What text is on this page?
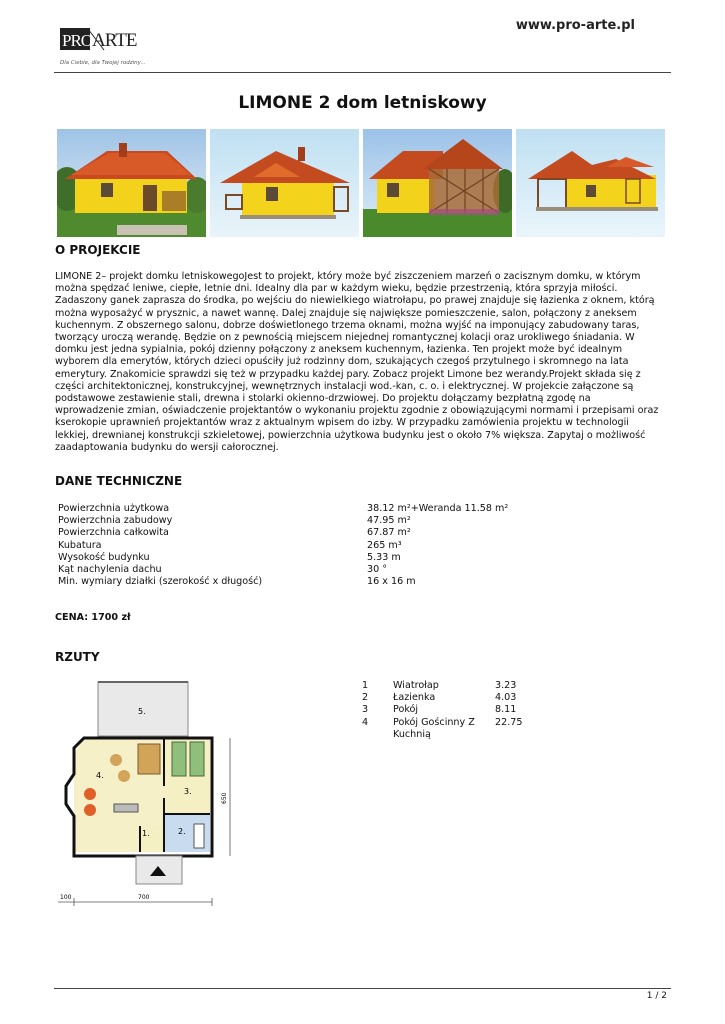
PRO ARTE
Dla Ciebie, dla Twojej rodziny...
www.pro-arte.pl
LIMONE 2 dom letniskowy
O PROJEKCIE
LIMONE 2– projekt domku letniskowegoJest to projekt, który może być ziszczeniem marzeń o zacisznym domku, w którym
można spędzać leniwe, ciepłe, letnie dni. Idealny dla par w każdym wieku, będzie przestrzenią, która sprzyja miłości.
Zadaszony ganek zaprasza do środka, po wejściu do niewielkiego wiatrołapu, po prawej znajduje się łazienka z oknem, którą
można wyposażyć w prysznic, a nawet wannę. Dalej znajduje się największe pomieszczenie, salon, połączony z aneksem
kuchennym. Z obszernego salonu, dobrze doświetlonego trzema oknami, można wyjść na imponujący zabudowany taras,
tworzący uroczą werandę. Będzie on z pewnością miejscem niejednej romantycznej kolacji oraz urokliwego śniadania. W
domku jest jedna sypialnia, pokój dzienny połączony z aneksem kuchennym, łazienka. Ten projekt może być idealnym
wyborem dla emerytów, których dzieci opuściły już rodzinny dom, szukających czegoś przytulnego i skromnego na lata
emerytury. Znakomicie sprawdzi się też w przypadku każdej pary. Zobacz projekt Limone bez werandy.Projekt składa się z
części architektonicznej, konstrukcyjnej, wewnętrznych instalacji wod.-kan, c. o. i elektrycznej. W projekcie załączone są
podstawowe zestawienie stali, drewna i stolarki okienno-drzwiowej. Do projektu dołączamy bezpłatną zgodę na
wprowadzenie zmian, oświadczenie projektantów o wykonaniu projektu zgodnie z obowiązującymi normami i przepisami oraz
kserokopie uprawnień projektantów wraz z aktualnym wpisem do izby. W przypadku zamówienia projektu w technologii
lekkiej, drewnianej konstrukcji szkieletowej, powierzchnia użytkowa budynku jest o około 7% większa. Zapytaj o możliwość
zaadaptowania budynku do wersji całorocznej.
DANE TECHNICZNE
Powierzchnia użytkowa	38.12 m²+Weranda 11.58 m²
Powierzchnia zabudowy	47.95 m²
Powierzchnia całkowita	67.87 m²
Kubatura	265 m³
Wysokość budynku	5.33 m
Kąt nachylenia dachu	30 °
Min. wymiary działki (szerokość x długość)	16 x 16 m
CENA: 1700 zł
RZUTY
5.
4.
3.
2.
1.
100	700
650
1	Wiatrołap	3.23
2	Łazienka	4.03
3	Pokój	8.11
4	Pokój Gościnny Z	22.75
Kuchnią
1 / 2
